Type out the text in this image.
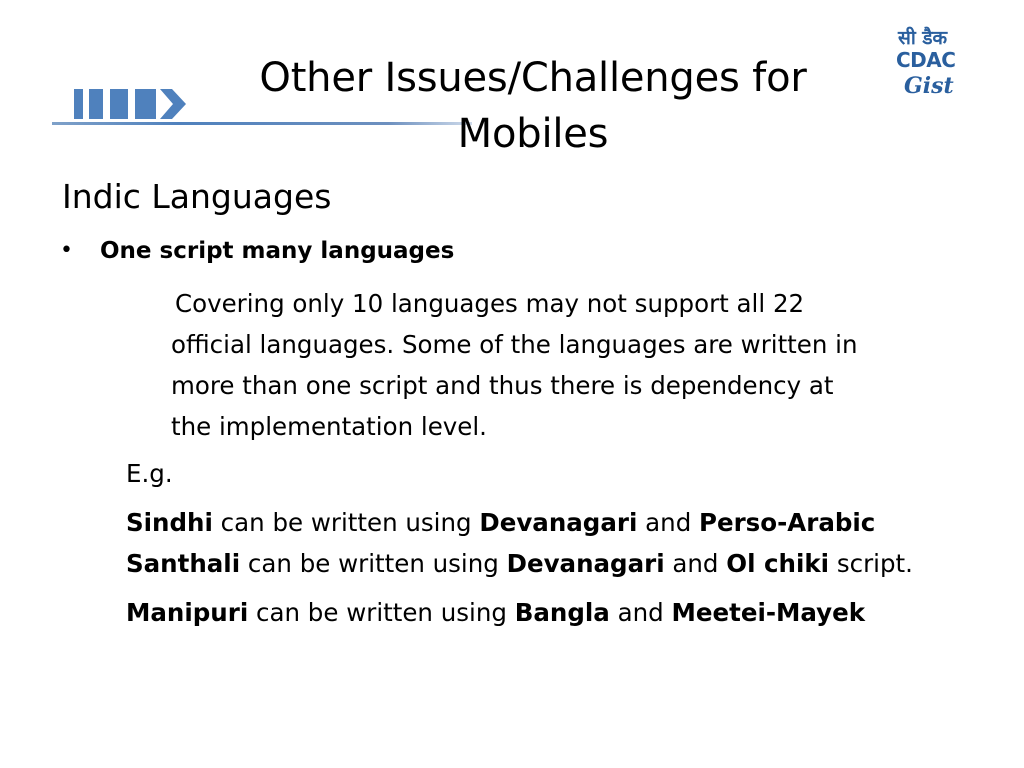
Other Issues/Challenges for
Mobiles
सी डैक
CDAC
Gist
Indic Languages
• One script many languages
Covering only 10 languages may not support all 22
official languages. Some of the languages are written in
more than one script and thus there is dependency at
the implementation level.
E.g.
Sindhi can be written using Devanagari and Perso-Arabic
Santhali can be written using Devanagari and Ol chiki script.
Manipuri can be written using Bangla and Meetei-Mayek
